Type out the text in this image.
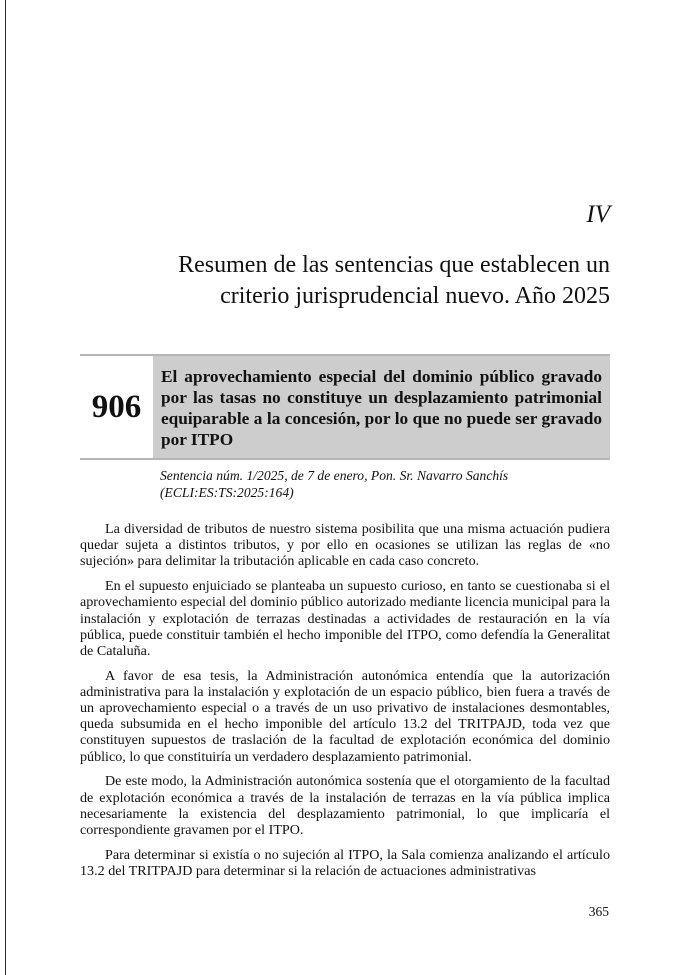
IV
Resumen de las sentencias que establecen un
criterio jurisprudencial nuevo. Año 2025
906
El aprovechamiento especial del dominio público gravado por las tasas no constituye un desplazamiento patrimonial equiparable a la concesión, por lo que no puede ser gravado por ITPO
Sentencia núm. 1/2025, de 7 de enero, Pon. Sr. Navarro Sanchís
(ECLI:ES:TS:2025:164)

La diversidad de tributos de nuestro sistema posibilita que una misma actuación pudiera quedar sujeta a distintos tributos, y por ello en ocasiones se utilizan las reglas de «no sujeción» para delimitar la tributación aplicable en cada caso concreto.

En el supuesto enjuiciado se planteaba un supuesto curioso, en tanto se cuestionaba si el aprovechamiento especial del dominio público autorizado mediante licencia municipal para la instalación y explotación de terrazas destinadas a actividades de restauración en la vía pública, puede constituir también el hecho imponible del ITPO, como defendía la Generalitat de Cataluña.

A favor de esa tesis, la Administración autonómica entendía que la autorización administrativa para la instalación y explotación de un espacio público, bien fuera a través de un aprovechamiento especial o a través de un uso privativo de instalaciones desmontables, queda subsumida en el hecho imponible del artículo 13.2 del TRITPAJD, toda vez que constituyen supuestos de traslación de la facultad de explotación económica del dominio público, lo que constituiría un verdadero desplazamiento patrimonial.

De este modo, la Administración autonómica sostenía que el otorgamiento de la facultad de explotación económica a través de la instalación de terrazas en la vía pública implica necesariamente la existencia del desplazamiento patrimonial, lo que implicaría el correspondiente gravamen por el ITPO.

Para determinar si existía o no sujeción al ITPO, la Sala comienza analizando el artículo 13.2 del TRITPAJD para determinar si la relación de actuaciones administrativas

365
